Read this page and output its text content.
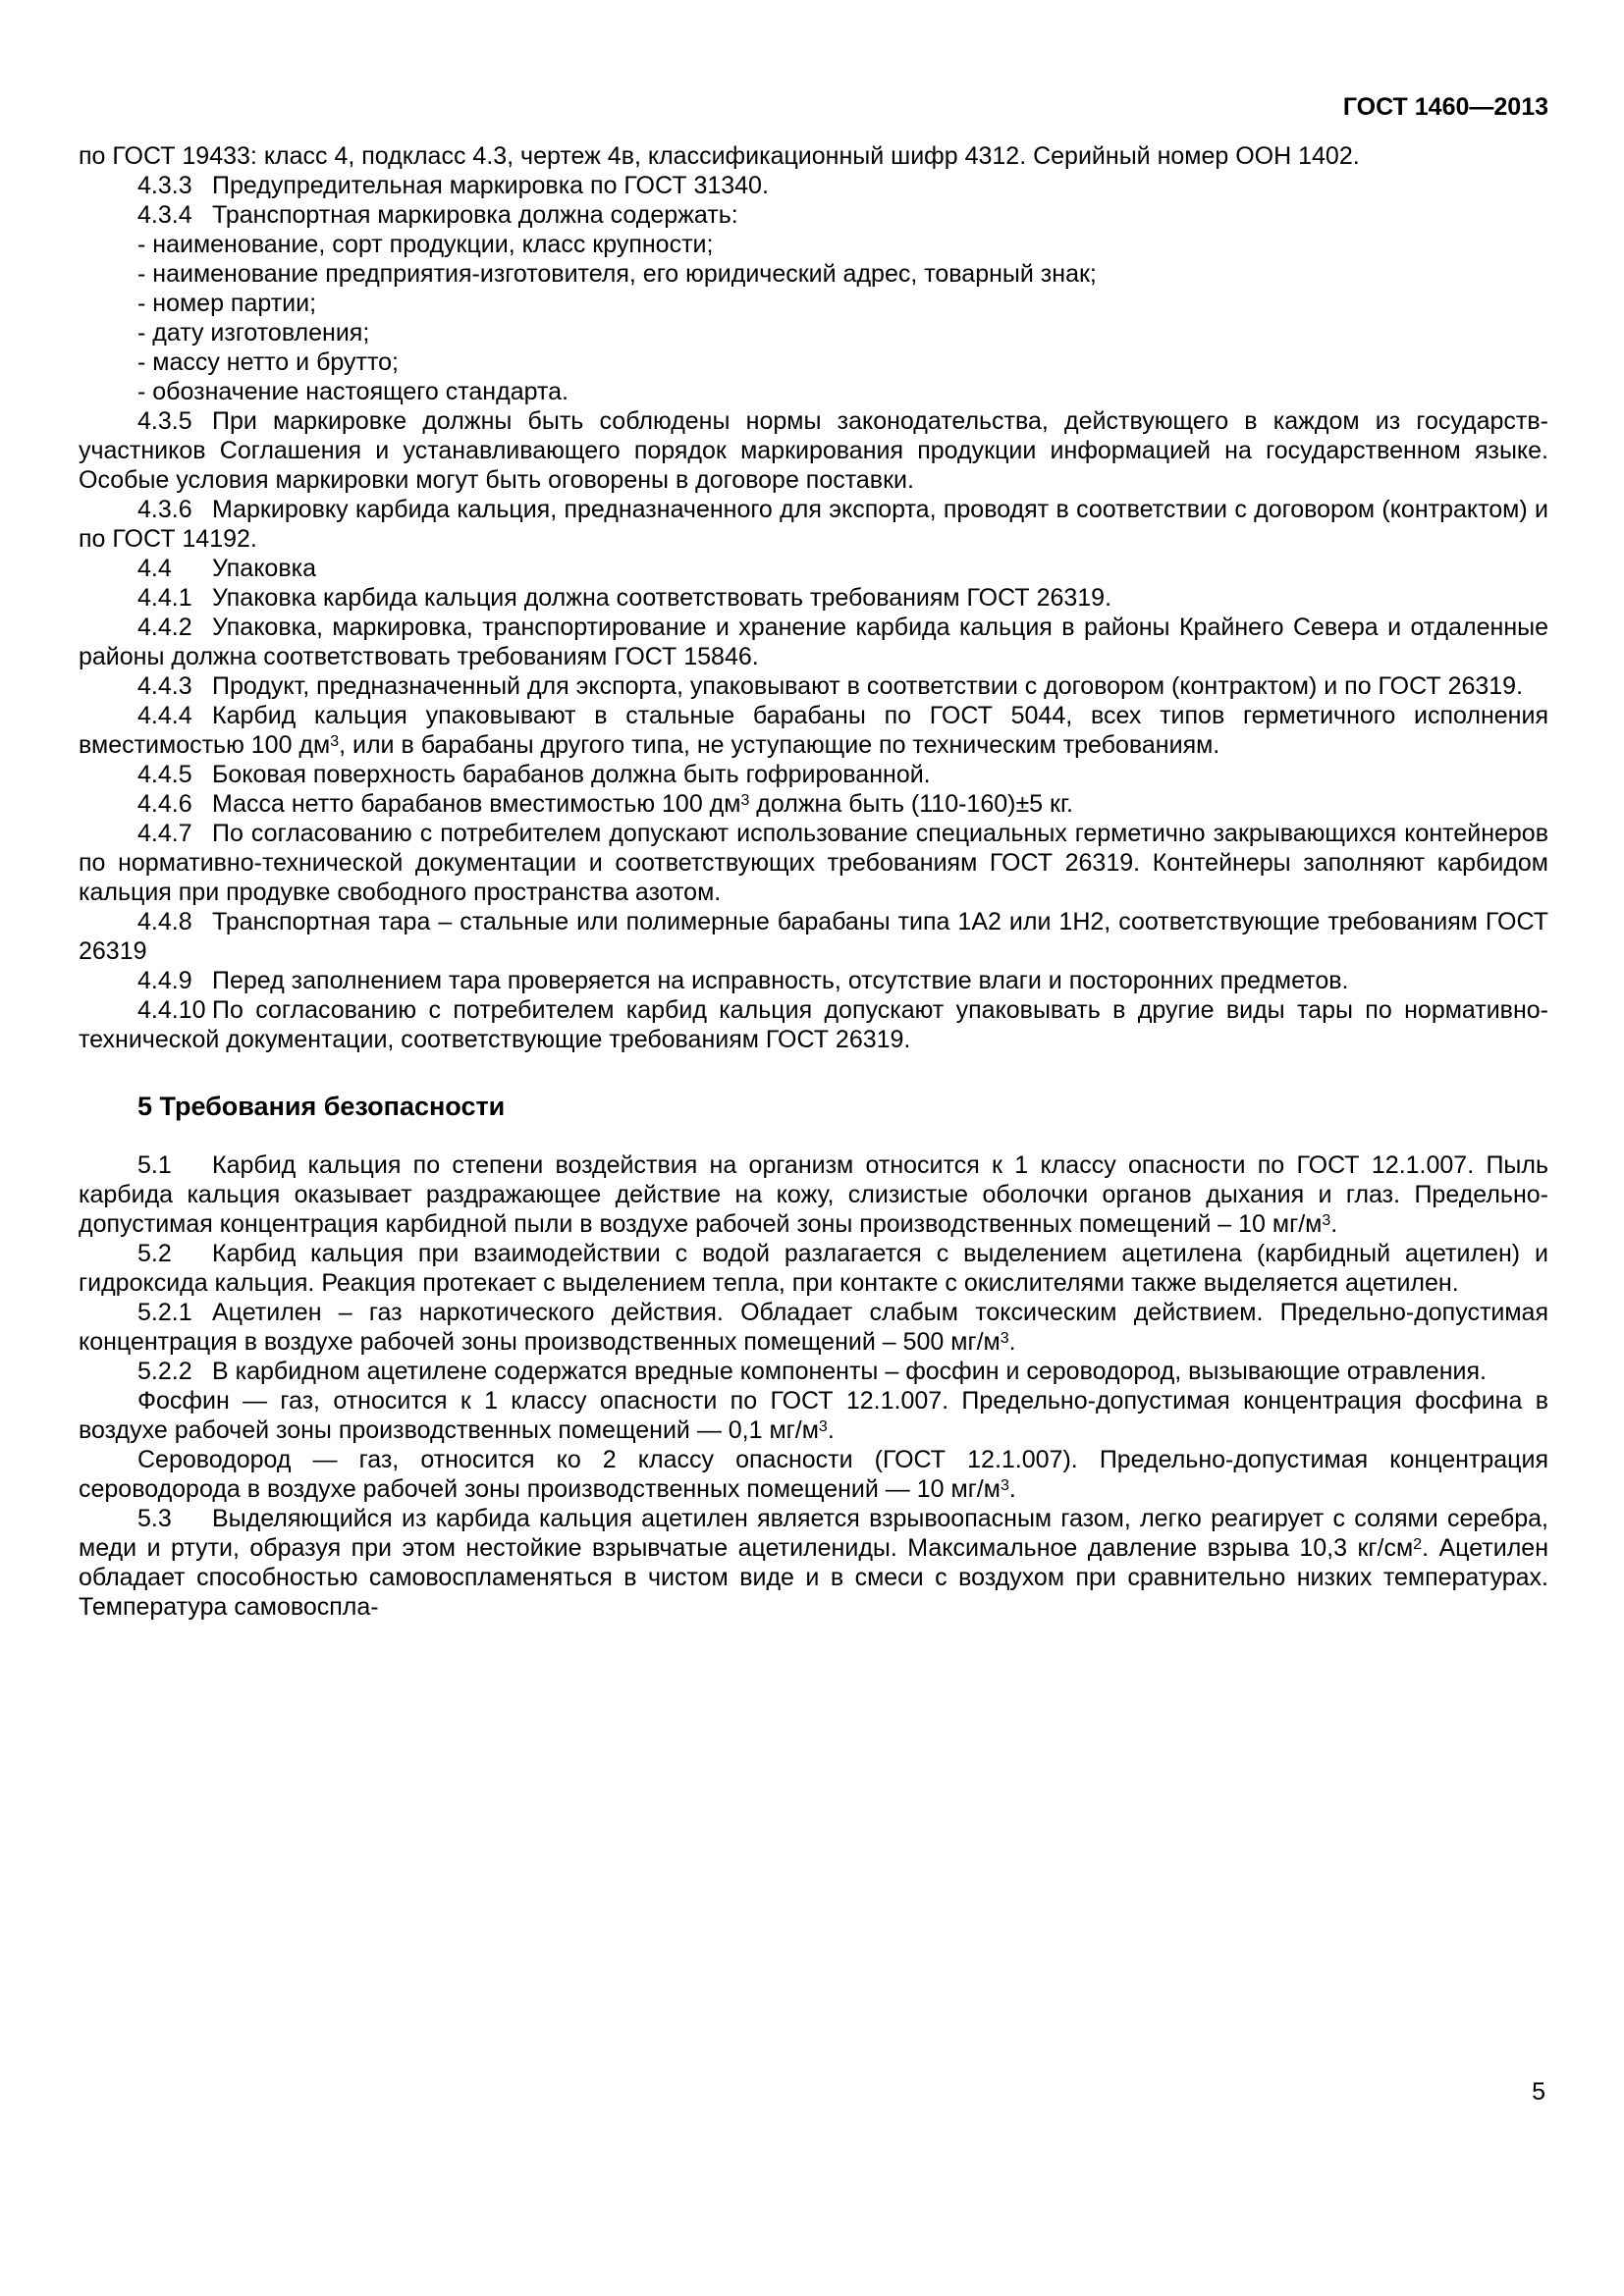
ГОСТ 1460—2013
по ГОСТ 19433: класс 4, подкласс 4.3, чертеж 4в, классификационный шифр 4312. Серийный номер ООН 1402.
4.3.3 Предупредительная маркировка по ГОСТ 31340.
4.3.4 Транспортная маркировка должна содержать:
- наименование, сорт продукции, класс крупности;
- наименование предприятия-изготовителя, его юридический адрес, товарный знак;
- номер партии;
- дату изготовления;
- массу нетто и брутто;
- обозначение настоящего стандарта.
4.3.5 При маркировке должны быть соблюдены нормы законодательства, действующего в каждом из государств-участников Соглашения и устанавливающего порядок маркирования продукции информацией на государственном языке. Особые условия маркировки могут быть оговорены в договоре поставки.
4.3.6 Маркировку карбида кальция, предназначенного для экспорта, проводят в соответствии с договором (контрактом) и по ГОСТ 14192.
4.4 Упаковка
4.4.1 Упаковка карбида кальция должна соответствовать требованиям ГОСТ 26319.
4.4.2 Упаковка, маркировка, транспортирование и хранение карбида кальция в районы Крайнего Севера и отдаленные районы должна соответствовать требованиям ГОСТ 15846.
4.4.3 Продукт, предназначенный для экспорта, упаковывают в соответствии с договором (контрактом) и по ГОСТ 26319.
4.4.4 Карбид кальция упаковывают в стальные барабаны по ГОСТ 5044, всех типов герметичного исполнения вместимостью 100 $дм^3$, или в барабаны другого типа, не уступающие по техническим требованиям.
4.4.5 Боковая поверхность барабанов должна быть гофрированной.
4.4.6 Масса нетто барабанов вместимостью 100 $дм^3$ должна быть (110-160)±5 кг.
4.4.7 По согласованию с потребителем допускают использование специальных герметично закрывающихся контейнеров по нормативно-технической документации и соответствующих требованиям ГОСТ 26319. Контейнеры заполняют карбидом кальция при продувке свободного пространства азотом.
4.4.8 Транспортная тара – стальные или полимерные барабаны типа 1А2 или 1Н2, соответствующие требованиям ГОСТ 26319
4.4.9 Перед заполнением тара проверяется на исправность, отсутствие влаги и посторонних предметов.
4.4.10 По согласованию с потребителем карбид кальция допускают упаковывать в другие виды тары по нормативно-технической документации, соответствующие требованиям ГОСТ 26319.
5 Требования безопасности
5.1 Карбид кальция по степени воздействия на организм относится к 1 классу опасности по ГОСТ 12.1.007. Пыль карбида кальция оказывает раздражающее действие на кожу, слизистые оболочки органов дыхания и глаз. Предельно-допустимая концентрация карбидной пыли в воздухе рабочей зоны производственных помещений – 10 $мг/м^3$.
5.2 Карбид кальция при взаимодействии с водой разлагается с выделением ацетилена (карбидный ацетилен) и гидроксида кальция. Реакция протекает с выделением тепла, при контакте с окислителями также выделяется ацетилен.
5.2.1 Ацетилен – газ наркотического действия. Обладает слабым токсическим действием. Предельно-допустимая концентрация в воздухе рабочей зоны производственных помещений – 500 $мг/м^3$.
5.2.2 В карбидном ацетилене содержатся вредные компоненты – фосфин и сероводород, вызывающие отравления.
Фосфин — газ, относится к 1 классу опасности по ГОСТ 12.1.007. Предельно-допустимая концентрация фосфина в воздухе рабочей зоны производственных помещений — 0,1 $мг/м^3$.
Сероводород — газ, относится ко 2 классу опасности (ГОСТ 12.1.007). Предельно-допустимая концентрация сероводорода в воздухе рабочей зоны производственных помещений — 10 $мг/м^3$.
5.3 Выделяющийся из карбида кальция ацетилен является взрывоопасным газом, легко реагирует с солями серебра, меди и ртути, образуя при этом нестойкие взрывчатые ацетилениды. Максимальное давление взрыва 10,3 $кг/см^2$. Ацетилен обладает способностью самовоспламеняться в чистом виде и в смеси с воздухом при сравнительно низких температурах. Температура самовоспла-
5
